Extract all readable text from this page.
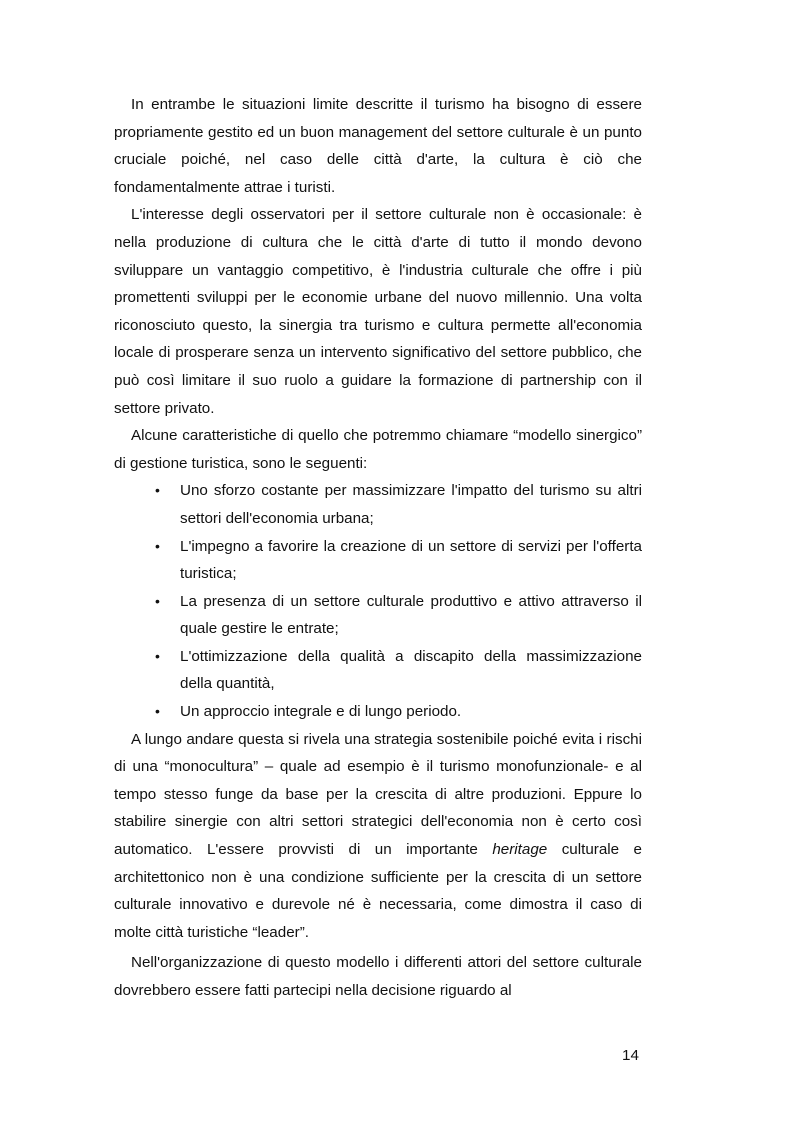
In entrambe le situazioni limite descritte il turismo ha bisogno di essere propriamente gestito ed un buon management del settore culturale è un punto cruciale poiché, nel caso delle città d'arte, la cultura è ciò che fondamentalmente attrae i turisti.

L'interesse degli osservatori per il settore culturale non è occasionale: è nella produzione di cultura che le città d'arte di tutto il mondo devono sviluppare un vantaggio competitivo, è l'industria culturale che offre i più promettenti sviluppi per le economie urbane del nuovo millennio. Una volta riconosciuto questo, la sinergia tra turismo e cultura permette all'economia locale di prosperare senza un intervento significativo del settore pubblico, che può così limitare il suo ruolo a guidare la formazione di partnership con il settore privato.

Alcune caratteristiche di quello che potremmo chiamare “modello sinergico” di gestione turistica, sono le seguenti:

• Uno sforzo costante per massimizzare l'impatto del turismo su altri settori dell'economia urbana;
• L'impegno a favorire la creazione di un settore di servizi per l'offerta turistica;
• La presenza di un settore culturale produttivo e attivo attraverso il quale gestire le entrate;
• L'ottimizzazione della qualità a discapito della massimizzazione della quantità,
• Un approccio integrale e di lungo periodo.

A lungo andare questa si rivela una strategia sostenibile poiché evita i rischi di una “monocultura” – quale ad esempio è il turismo monofunzionale- e al tempo stesso funge da base per la crescita di altre produzioni. Eppure lo stabilire sinergie con altri settori strategici dell'economia non è certo così automatico. L'essere provvisti di un importante heritage culturale e architettonico non è una condizione sufficiente per la crescita di un settore culturale innovativo e durevole né è necessaria, come dimostra il caso di molte città turistiche “leader”.

Nell'organizzazione di questo modello i differenti attori del settore culturale dovrebbero essere fatti partecipi nella decisione riguardo al

14
